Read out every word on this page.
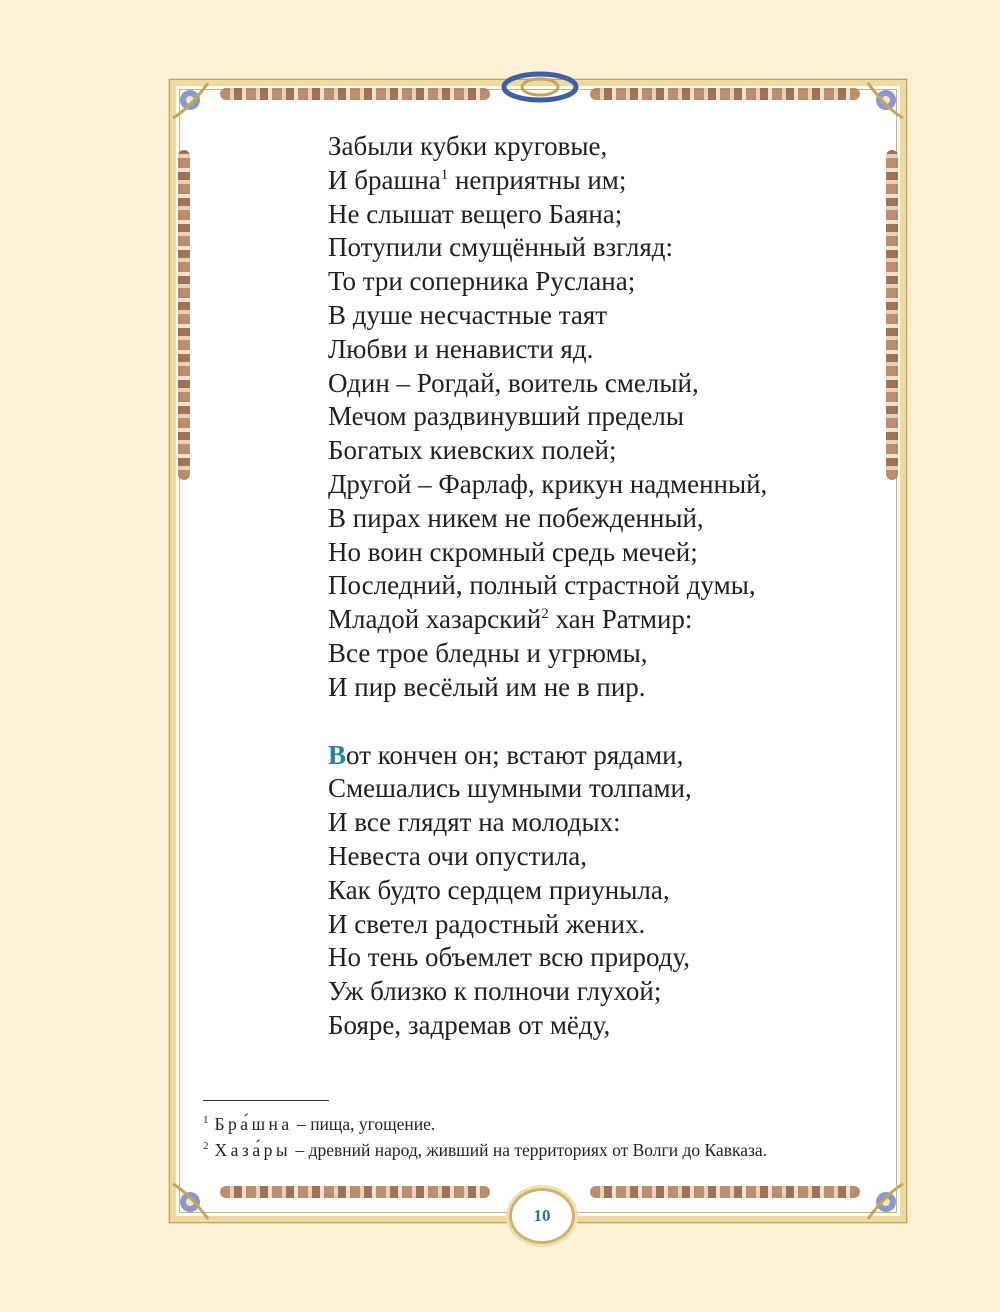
Забыли кубки круговые,
И брашна$^1$ неприятны им;
Не слышат вещего Баяна;
Потупили смущённый взгляд:
То три соперника Руслана;
В душе несчастные таят
Любви и ненависти яд.
Один – Рогдай, воитель смелый,
Мечом раздвинувший пределы
Богатых киевских полей;
Другой – Фарлаф, крикун надменный,
В пирах никем не побежденный,
Но воин скромный средь мечей;
Последний, полный страстной думы,
Младой хазарский$^2$ хан Ратмир:
Все трое бледны и угрюмы,
И пир весёлый им не в пир.
Вот кончен он; встают рядами,
Смешались шумными толпами,
И все глядят на молодых:
Невеста очи опустила,
Как будто сердцем приуныла,
И светел радостный жених.
Но тень объемлет всю природу,
Уж близко к полночи глухой;
Бояре, задремав от мёду,
$^1$ Бра́шна – пища, угощение.
$^2$ Хаза́ры – древний народ, живший на территориях от Волги до Кавказа.
10
